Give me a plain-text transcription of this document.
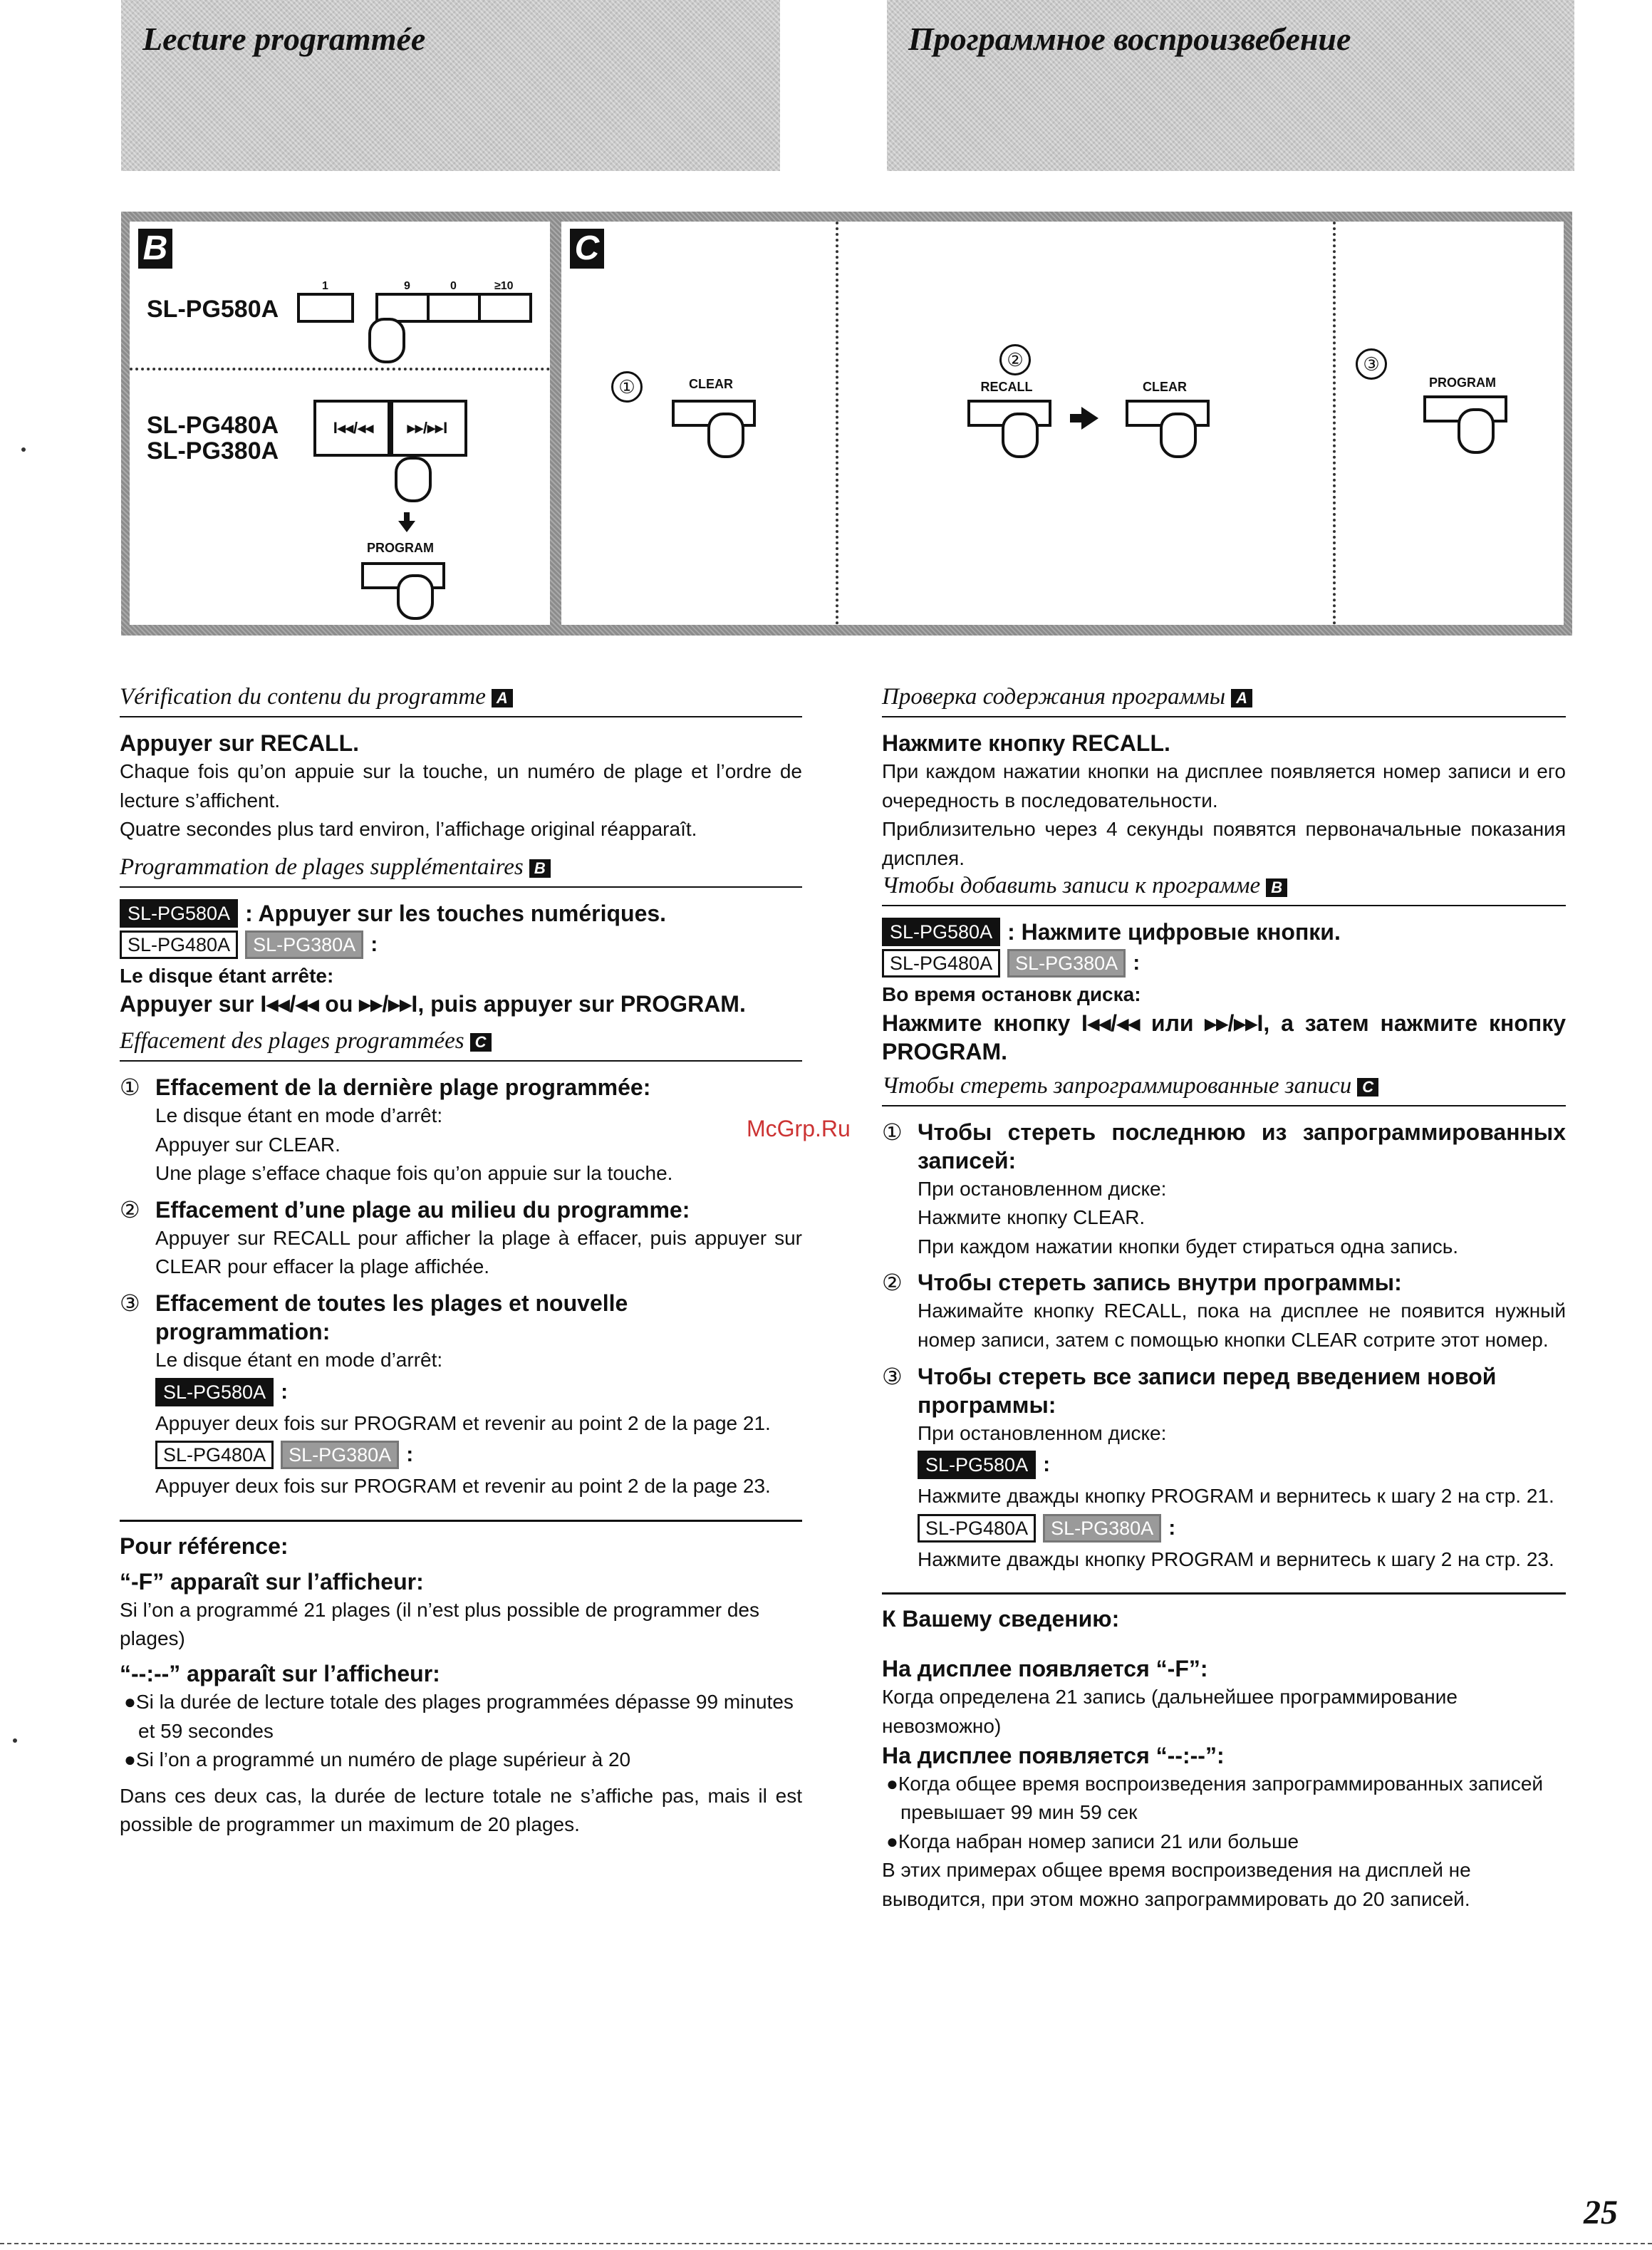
Lecture programmée	Программное воспроизвебение
B
SL-PG580A
1	9	0	≥10
SL-PG480A
SL-PG380A
I◂◂/◂◂	▸▸/▸▸I
PROGRAM
C
①	CLEAR
②
RECALL	CLEAR
③
PROGRAM
Vérification du contenu du programme A

Appuyer sur RECALL.

Chaque fois qu’on appuie sur la touche, un numéro de plage et l’ordre de lecture s’affichent.

Quatre secondes plus tard environ, l’affichage original réapparaît.

Programmation de plages supplémentaires B
SL-PG580A : Appuyer sur les touches numériques.
SL-PG480A	SL-PG380A :

Le disque étant arrête:

Appuyer sur I◂◂/◂◂ ou ▸▸/▸▸I, puis appuyer sur PROGRAM.

Effacement des plages programmées C
① Effacement de la dernière plage programmée:

Le disque étant en mode d’arrêt:

Appuyer sur CLEAR.

Une plage s’efface chaque fois qu’on appuie sur la touche.

② Effacement d’une plage au milieu du programme:

Appuyer sur RECALL pour afficher la plage à effacer, puis appuyer sur CLEAR pour effacer la plage affichée.

③ Effacement de toutes les plages et nouvelle programmation:

Le disque étant en mode d’arrêt:

SL-PG580A :

Appuyer deux fois sur PROGRAM et revenir au point 2 de la page 21.

SL-PG480A	SL-PG380A :

Appuyer deux fois sur PROGRAM et revenir au point 2 de la page 23.

Pour référence:

“-F” apparaît sur l’afficheur:

Si l’on a programmé 21 plages (il n’est plus possible de programmer des plages)

“--:--” apparaît sur l’afficheur:

●Si la durée de lecture totale des plages programmées dépasse 99 minutes et 59 secondes

●Si l’on a programmé un numéro de plage supérieur à 20

Dans ces deux cas, la durée de lecture totale ne s’affiche pas, mais il est possible de programmer un maximum de 20 plages.

Проверка содержания программы A

Нажмите кнопку RECALL.

При каждом нажатии кнопки на дисплее появляется номер записи и его очередность в последовательности.

Приблизительно через 4 секунды появятся первоначальные показания дисплея.

Чтобы добавить записи к программе B
SL-PG580A : Нажмите цифровые кнопки.
SL-PG480A	SL-PG380A :

Во время остановк диска:

Нажмите кнопку I◂◂/◂◂ или ▸▸/▸▸I, а затем нажмите кнопку PROGRAM.

Чтобы стереть запрограммированные записи C
① Чтобы стереть последнюю из запрограммированных записей:

При остановленном диске:

Нажмите кнопку CLEAR.

При каждом нажатии кнопки будет стираться одна запись.

② Чтобы стереть запись внутри программы:

Нажимайте кнопку RECALL, пока на дисплее не появится нужный номер записи, затем с помощью кнопки CLEAR сотрите этот номер.

③ Чтобы стереть все записи перед введением новой программы:

При остановленном диске:

SL-PG580A :

Нажмите дважды кнопку PROGRAM и вернитесь к шагу 2 на стр. 21.

SL-PG480A	SL-PG380A :

Нажмите дважды кнопку PROGRAM и вернитесь к шагу 2 на стр. 23.

К Вашему сведению:

На дисплее появляется “-F”:

Когда определена 21 запись (дальнейшее программирование невозможно)

На дисплее появляется “--:--”:

●Когда общее время воспроизведения запрограммированных записей превышает 99 мин 59 сек

●Когда набран номер записи 21 или больше

В этих примерах общее время воспроизведения на дисплей не выводится, при этом можно запрограммировать до 20 записей.

McGrp.Ru
25
